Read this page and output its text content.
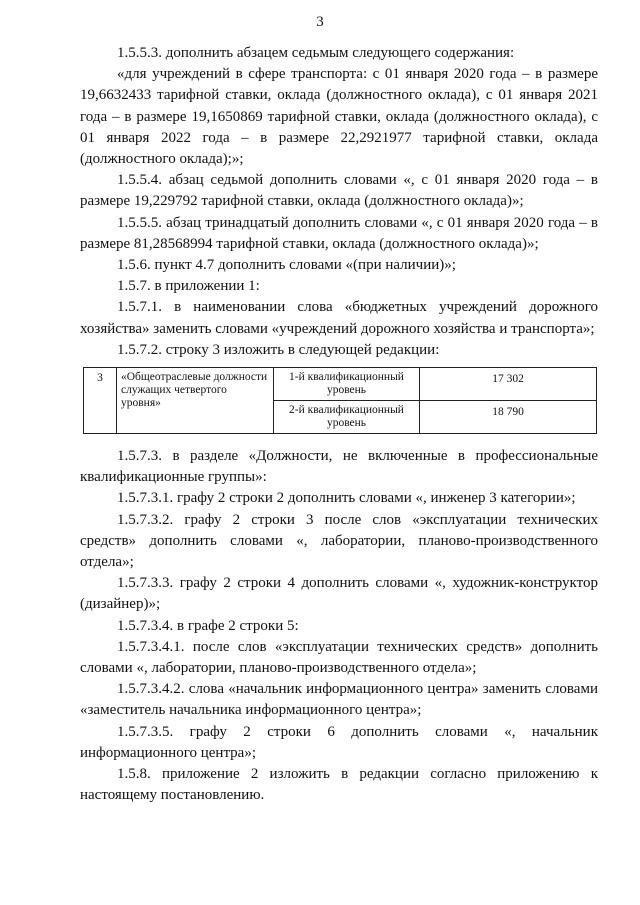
3

1.5.5.3. дополнить абзацем седьмым следующего содержания:

«для учреждений в сфере транспорта: с 01 января 2020 года – в размере 19,6632433 тарифной ставки, оклада (должностного оклада), с 01 января 2021 года – в размере 19,1650869 тарифной ставки, оклада (должностного оклада), с 01 января 2022 года – в размере 22,2921977 тарифной ставки, оклада (должностного оклада);»;

1.5.5.4. абзац седьмой дополнить словами «, с 01 января 2020 года – в размере 19,229792 тарифной ставки, оклада (должностного оклада)»;

1.5.5.5. абзац тринадцатый дополнить словами «, с 01 января 2020 года – в размере 81,28568994 тарифной ставки, оклада (должностного оклада)»;

1.5.6. пункт 4.7 дополнить словами «(при наличии)»;

1.5.7. в приложении 1:

1.5.7.1. в наименовании слова «бюджетных учреждений дорожного хозяйства» заменить словами «учреждений дорожного хозяйства и транспорта»;

1.5.7.2. строку 3 изложить в следующей редакции:

3	«Общеотраслевые должности служащих четвертого уровня»	1-й квалификационный уровень	17 302
		2-й квалификационный уровень	18 790

1.5.7.3. в разделе «Должности, не включенные в профессиональные квалификационные группы»:

1.5.7.3.1. графу 2 строки 2 дополнить словами «, инженер 3 категории»;

1.5.7.3.2. графу 2 строки 3 после слов «эксплуатации технических средств» дополнить словами «, лаборатории, планово-производственного отдела»;

1.5.7.3.3. графу 2 строки 4 дополнить словами «, художник-конструктор (дизайнер)»;

1.5.7.3.4. в графе 2 строки 5:

1.5.7.3.4.1. после слов «эксплуатации технических средств» дополнить словами «, лаборатории, планово-производственного отдела»;

1.5.7.3.4.2. слова «начальник информационного центра» заменить словами «заместитель начальника информационного центра»;

1.5.7.3.5. графу 2 строки 6 дополнить словами «, начальник информационного центра»;

1.5.8. приложение 2 изложить в редакции согласно приложению к настоящему постановлению.
